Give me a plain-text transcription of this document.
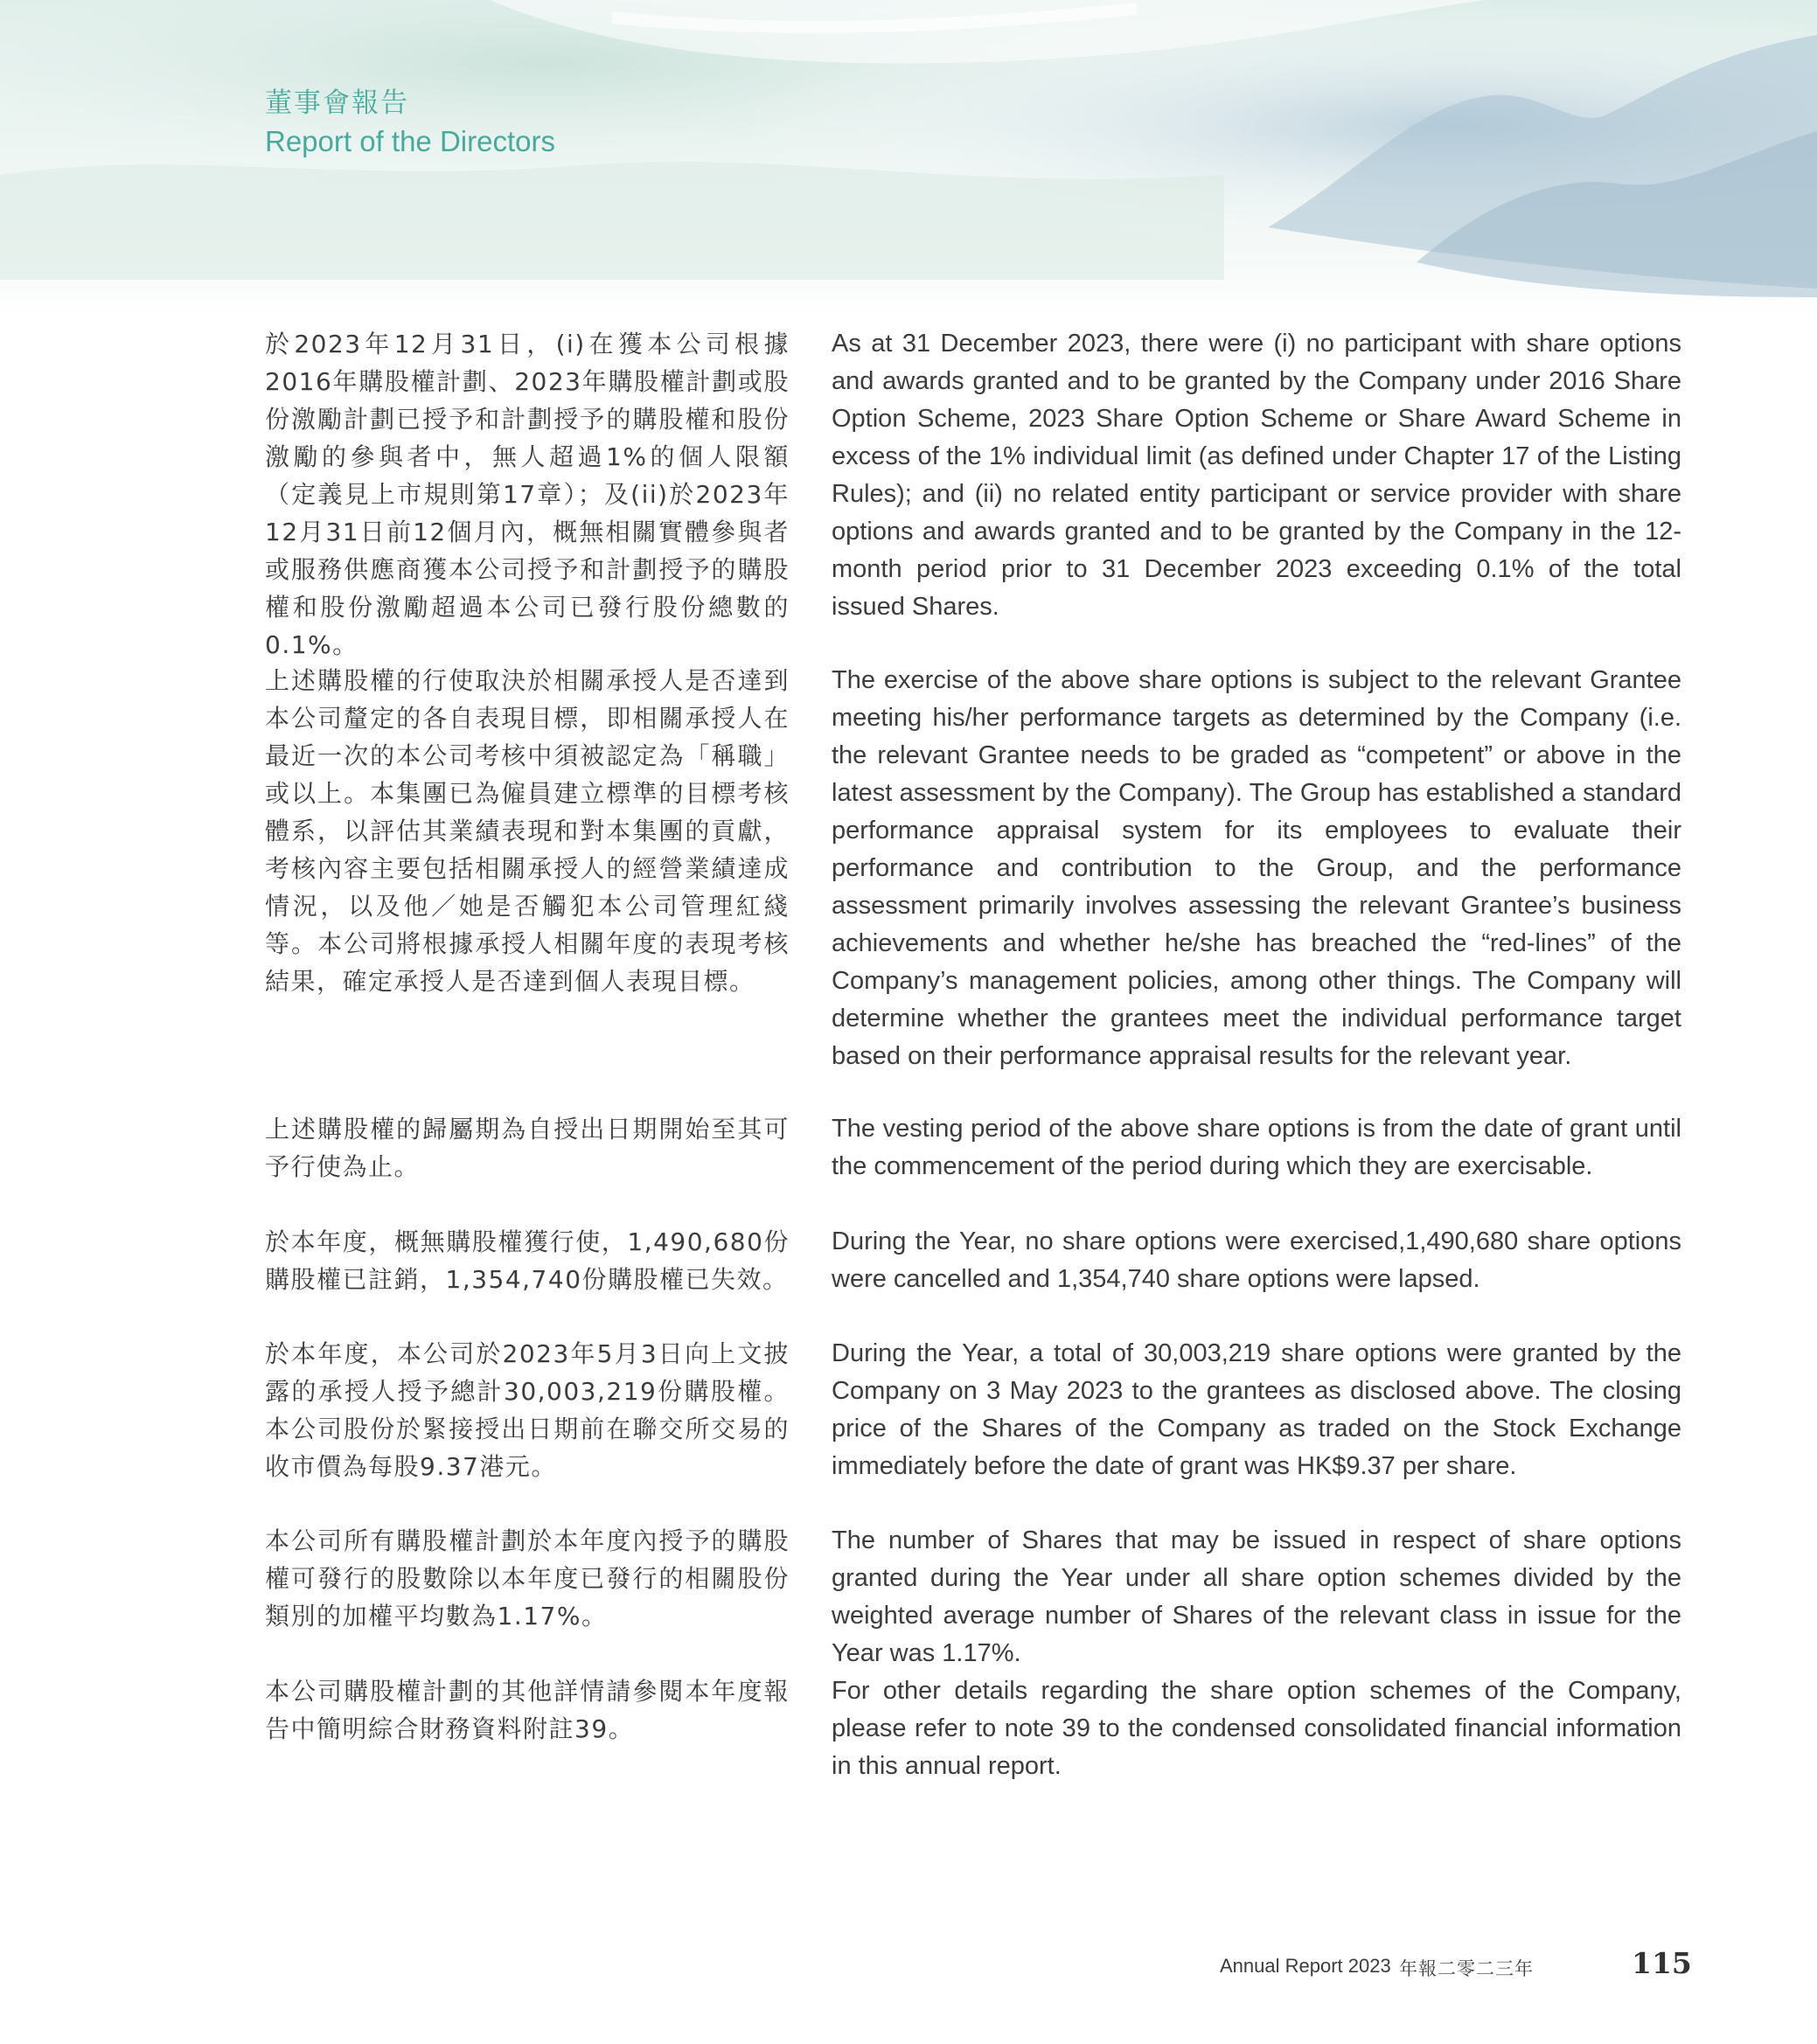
董事會報告
Report of the Directors
於2023年12月31日，(i)在獲本公司根據2016年購股權計劃、2023年購股權計劃或股份激勵計劃已授予和計劃授予的購股權和股份激勵的參與者中，無人超過1%的個人限額（定義見上市規則第17章）；及(ii)於2023年12月31日前12個月內，概無相關實體參與者或服務供應商獲本公司授予和計劃授予的購股權和股份激勵超過本公司已發行股份總數的0.1%。
As at 31 December 2023, there were (i) no participant with share options and awards granted and to be granted by the Company under 2016 Share Option Scheme, 2023 Share Option Scheme or Share Award Scheme in excess of the 1% individual limit (as defined under Chapter 17 of the Listing Rules); and (ii) no related entity participant or service provider with share options and awards granted and to be granted by the Company in the 12-month period prior to 31 December 2023 exceeding 0.1% of the total issued Shares.
上述購股權的行使取決於相關承授人是否達到本公司釐定的各自表現目標，即相關承授人在最近一次的本公司考核中須被認定為「稱職」或以上。本集團已為僱員建立標準的目標考核體系，以評估其業績表現和對本集團的貢獻，考核內容主要包括相關承授人的經營業績達成情況，以及他／她是否觸犯本公司管理紅綫等。本公司將根據承授人相關年度的表現考核結果，確定承授人是否達到個人表現目標。
The exercise of the above share options is subject to the relevant Grantee meeting his/her performance targets as determined by the Company (i.e. the relevant Grantee needs to be graded as “competent” or above in the latest assessment by the Company). The Group has established a standard performance appraisal system for its employees to evaluate their performance and contribution to the Group, and the performance assessment primarily involves assessing the relevant Grantee’s business achievements and whether he/she has breached the “red-lines” of the Company’s management policies, among other things. The Company will determine whether the grantees meet the individual performance target based on their performance appraisal results for the relevant year.
上述購股權的歸屬期為自授出日期開始至其可予行使為止。
The vesting period of the above share options is from the date of grant until the commencement of the period during which they are exercisable.
於本年度，概無購股權獲行使，1,490,680份購股權已註銷，1,354,740份購股權已失效。
During the Year, no share options were exercised,1,490,680 share options were cancelled and 1,354,740 share options were lapsed.
於本年度，本公司於2023年5月3日向上文披露的承授人授予總計30,003,219份購股權。本公司股份於緊接授出日期前在聯交所交易的收市價為每股9.37港元。
During the Year, a total of 30,003,219 share options were granted by the Company on 3 May 2023 to the grantees as disclosed above. The closing price of the Shares of the Company as traded on the Stock Exchange immediately before the date of grant was HK$9.37 per share.
本公司所有購股權計劃於本年度內授予的購股權可發行的股數除以本年度已發行的相關股份類別的加權平均數為1.17%。
The number of Shares that may be issued in respect of share options granted during the Year under all share option schemes divided by the weighted average number of Shares of the relevant class in issue for the Year was 1.17%.
本公司購股權計劃的其他詳情請參閱本年度報告中簡明綜合財務資料附註39。
For other details regarding the share option schemes of the Company, please refer to note 39 to the condensed consolidated financial information in this annual report.
Annual Report 2023 年報二零二三年	115
